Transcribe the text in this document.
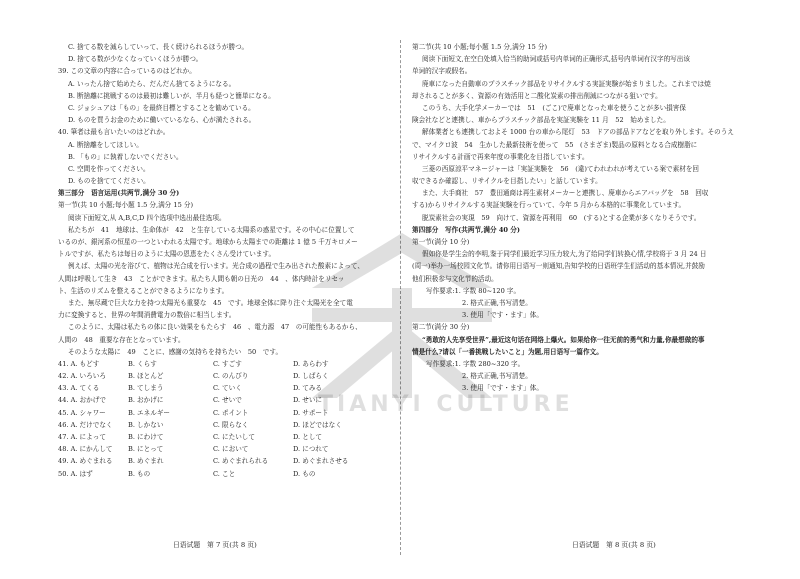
C. 捨てる数を減らしていって、長く続けられるほうが勝つ。
D. 捨てる数が少なくなっていくほうが勝つ。
39. この文章の内容に合っているのはどれか。
A. いったん捨て始めたら、だんだん捨てるようになる。
B. 断捨離に挑戦するのは最初は難しいが、半月も経つと簡単になる。
C. ジョシュアは「もの」を最終目標とすることを勧めている。
D. ものを買うお金のために働いているなら、心が満たされる。
40. 筆者は最も言いたいのはどれか。
A. 断捨離をしてほしい。
B. 「もの」に執着しないでください。
C. 空間を作ってください。
D. ものを捨ててください。
第三部分　语言运用(共两节,满分 30 分)
第一节(共 10 小题;每小题 1.5 分,满分 15 分)
阅读下面短文,从 A,B,C,D 四个选项中选出最佳选项。
私たちが　41　地球は、生命体が　42　と生存している太陽系の惑星です。その中心に位置して
いるのが、銀河系の恒星の一つといわれる太陽です。地球から太陽までの距離は 1 億 5 千万キロメー
トルですが、私たちは毎日のように太陽の恩恵をたくさん受けています。
例えば、太陽の光を浴びて、植物は光合成を行います。光合成の過程で生み出された酸素によって、
人間は呼吸して生き　43　ことができます。私たち人間も朝の日光の　44　、体内時計をリセッ
ト、生活のリズムを整えることができるようになります。
また、無尽蔵で巨大な力を持つ太陽光も重要な　45　です。地球全体に降り注ぐ太陽光を全て電
力に変換すると、世界の年間消費電力の数倍に相当します。
このように、太陽は私たちの体に良い効果をもたらす　46　、電力源　47　の可能性もあるから、
人間の　48　重要な存在となっています。
そのような太陽に　49　ことに、感謝の気持ちを持ちたい　50　です。
41. A. もどす	B. くらす	C. すごす	D. あらわす
42. A. いろいろ	B. ほとんど	C. のんびり	D. しばらく
43. A. てくる	B. てしまう	C. ていく	D. てみる
44. A. おかげで	B. おかげに	C. せいで	D. せいに
45. A. シャワー	B. エネルギー	C. ポイント	D. サポート
46. A. だけでなく	B. しかない	C. 限らなく	D. ほどではなく
47. A. によって	B. にわけて	C. にたいして	D. として
48. A. にかんして	B. にとって	C. において	D. につれて
49. A. めぐまれる	B. めぐまれ	C. めぐまれられる	D. めぐまれさせる
50. A. はず	B. もの	C. こと	D. もの
日语试题　第 7 页(共 8 页)
第二节(共 10 小题;每小题 1.5 分,满分 15 分)
阅读下面短文,在空白处填入恰当的助词或括号内单词的正确形式,括号内单词有汉字的写出该
单词的汉字或假名。
廃車になった自動車のプラスチック部品をリサイクルする実証実験が始まりました。これまでは焼
却されることが多く、資源の有効活用と二酸化炭素の排出削減につながる狙いです。
このうち、大手化学メーカーでは　51　(ごこ)で廃車となった車を使うことが多い損害保
険会社などと連携し、車からプラスチック部品を実証実験を 11 月　52　始めました。
解体業者とも連携しておよそ 1000 台の車から尾灯　53　ドアの部品ドアなどを取り外します。そのうえ
で、マイクロ波　54　生かした最新技術を使って　55　(さまざま)製品の原料となる合成樹脂に
リサイクルする計画で再来年度の事業化を目指しています。
三菱の西原涼平マネージャーは「実証実験を　56　(違)てわれわれが考えている案で素材を回
収できるか確認し、リサイクルを目指したい」と話しています。
また、大手商社　57　豊田通商は再生素材メーカーと連携し、廃車からエアバッグを　58　回収
する)からリサイクルする実証実験を行っていて、今年 5 月から本格的に事業化しています。
脱炭素社会の実現　59　向けて、資源を再利用　60　(する)とする企業が多くなりそうです。
第四部分　写作(共两节,满分 40 分)
第一节(满分 10 分)
假如你是学生会的李明,鉴于同学们最近学习压力较大,为了给同学们转换心情,学校将于 3 月 24 日
(周一)举办一场校园文化节。请你用日语写一则通知,告知学校的日语班学生们活动的基本情况,并鼓励
他们积极参与文化节的活动。
写作要求:1. 字数 80~120 字。
2. 格式正确,书写清楚。
3. 使用「です・ます」体。
第二节(满分 30 分)
“勇敢的人先享受世界”,最近这句话在网络上爆火。如果给你一往无前的勇气和力量,你最想做的事
情是什么?请以「一番挑戦したいこと」为题,用日语写一篇作文。
写作要求:1. 字数 280~320 字。
2. 格式正确,书写清楚。
3. 使用「です・ます」体。
日语试题　第 8 页(共 8 页)
TIANYI CULTURE
